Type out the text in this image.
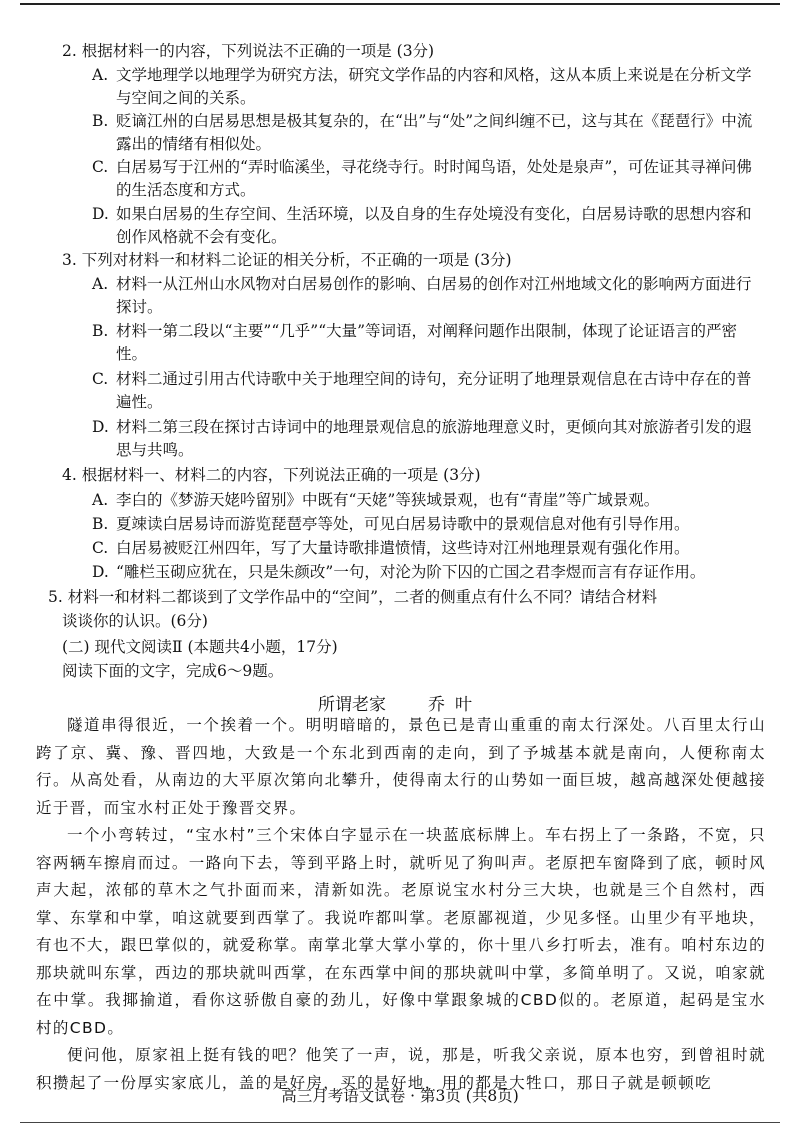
2. 根据材料一的内容，下列说法不正确的一项是 (3分)
A. 文学地理学以地理学为研究方法，研究文学作品的内容和风格，这从本质上来说是在分析文学与空间之间的关系。
B. 贬谪江州的白居易思想是极其复杂的，在“出”与“处”之间纠缠不已，这与其在《琵琶行》中流露出的情绪有相似处。
C. 白居易写于江州的“弄时临溪坐，寻花绕寺行。时时闻鸟语，处处是泉声”，可佐证其寻禅问佛的生活态度和方式。
D. 如果白居易的生存空间、生活环境，以及自身的生存处境没有变化，白居易诗歌的思想内容和创作风格就不会有变化。
3. 下列对材料一和材料二论证的相关分析，不正确的一项是 (3分)
A. 材料一从江州山水风物对白居易创作的影响、白居易的创作对江州地域文化的影响两方面进行探讨。
B. 材料一第二段以“主要”“几乎”“大量”等词语，对阐释问题作出限制，体现了论证语言的严密性。
C. 材料二通过引用古代诗歌中关于地理空间的诗句，充分证明了地理景观信息在古诗中存在的普遍性。
D. 材料二第三段在探讨古诗词中的地理景观信息的旅游地理意义时，更倾向其对旅游者引发的遐思与共鸣。
4. 根据材料一、材料二的内容，下列说法正确的一项是 (3分)
A. 李白的《梦游天姥吟留别》中既有“天姥”等狭域景观，也有“青崖”等广域景观。
B. 夏竦读白居易诗而游览琵琶亭等处，可见白居易诗歌中的景观信息对他有引导作用。
C. 白居易被贬江州四年，写了大量诗歌排遣愤情，这些诗对江州地理景观有强化作用。
D. “雕栏玉砌应犹在，只是朱颜改”一句，对沦为阶下囚的亡国之君李煜而言有存证作用。
5. 材料一和材料二都谈到了文学作品中的“空间”，二者的侧重点有什么不同？请结合材料
谈谈你的认识。(6分)
(二) 现代文阅读Ⅱ (本题共4小题，17分)
阅读下面的文字，完成6～9题。
所谓老家 乔叶

隧道串得很近，一个挨着一个。明明暗暗的，景色已是青山重重的南太行深处。八百里太行山跨了京、冀、豫、晋四地，大致是一个东北到西南的走向，到了予城基本就是南向，人便称南太行。从高处看，从南边的大平原次第向北攀升，使得南太行的山势如一面巨坡，越高越深处便越接近于晋，而宝水村正处于豫晋交界。

一个小弯转过，“宝水村”三个宋体白字显示在一块蓝底标牌上。车右拐上了一条路，不宽，只容两辆车擦肩而过。一路向下去，等到平路上时，就听见了狗叫声。老原把车窗降到了底，顿时风声大起，浓郁的草木之气扑面而来，清新如洗。老原说宝水村分三大块，也就是三个自然村，西掌、东掌和中掌，咱这就要到西掌了。我说咋都叫掌。老原鄙视道，少见多怪。山里少有平地块，有也不大，跟巴掌似的，就爱称掌。南掌北掌大掌小掌的，你十里八乡打听去，准有。咱村东边的那块就叫东掌，西边的那块就叫西掌，在东西掌中间的那块就叫中掌，多简单明了。又说，咱家就在中掌。我揶揄道，看你这骄傲自豪的劲儿，好像中掌跟象城的CBD似的。老原道，起码是宝水村的CBD。

便问他，原家祖上挺有钱的吧？他笑了一声，说，那是，听我父亲说，原本也穷，到曾祖时就积攒起了一份厚实家底儿，盖的是好房，买的是好地，用的都是大牲口，那日子就是顿顿吃

高三月考语文试卷 · 第3页 (共8页)
